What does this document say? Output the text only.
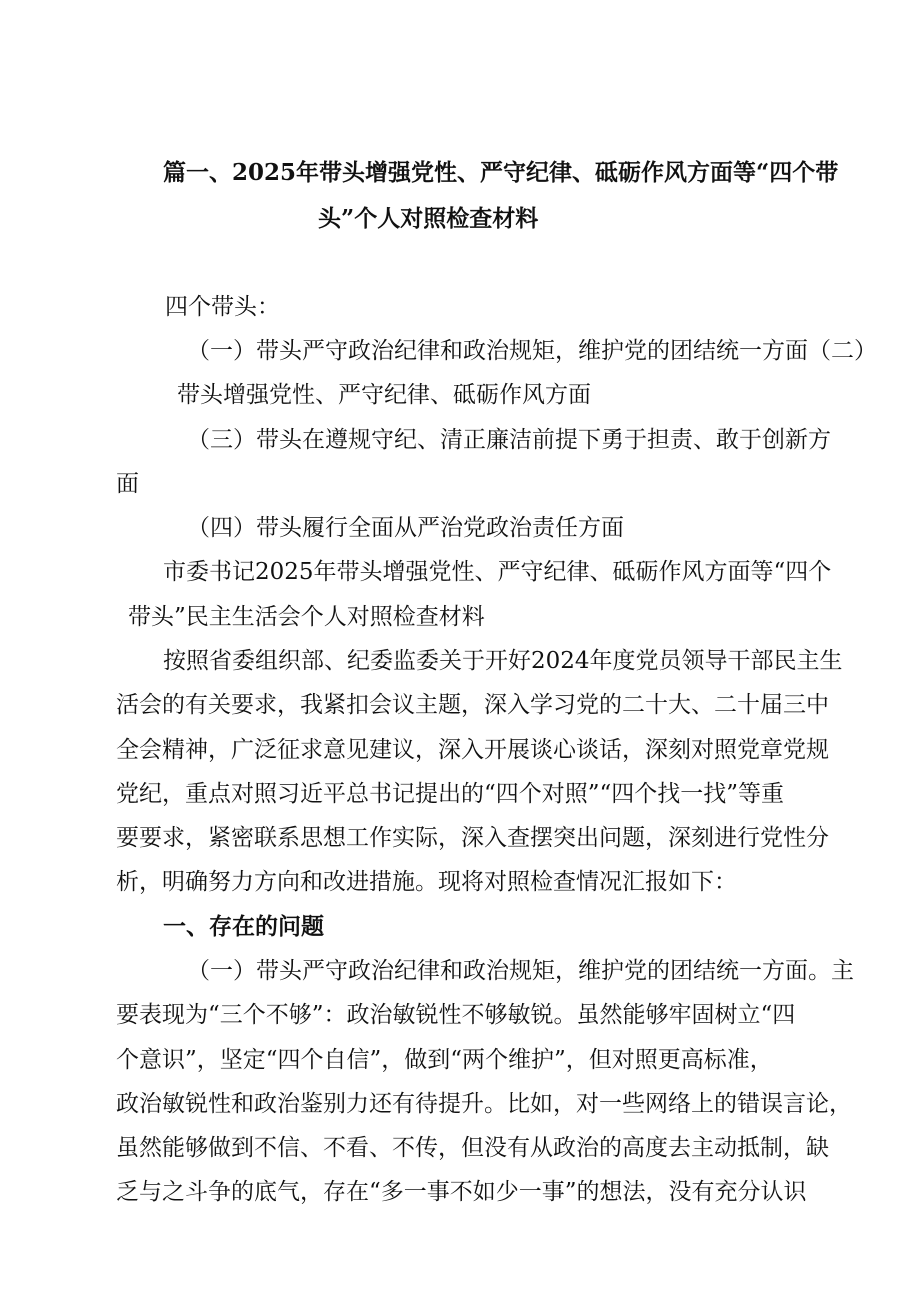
篇一、2025年带头增强党性、严守纪律、砥砺作风方面等“四个带
头”个人对照检查材料
四个带头：
（一）带头严守政治纪律和政治规矩，维护党的团结统一方面（二）
带头增强党性、严守纪律、砥砺作风方面
（三）带头在遵规守纪、清正廉洁前提下勇于担责、敢于创新方
面
（四）带头履行全面从严治党政治责任方面
市委书记2025年带头增强党性、严守纪律、砥砺作风方面等“四个
带头”民主生活会个人对照检查材料
按照省委组织部、纪委监委关于开好2024年度党员领导干部民主生
活会的有关要求，我紧扣会议主题，深入学习党的二十大、二十届三中
全会精神，广泛征求意见建议，深入开展谈心谈话，深刻对照党章党规
党纪，重点对照习近平总书记提出的“四个对照”“四个找一找”等重
要要求，紧密联系思想工作实际，深入查摆突出问题，深刻进行党性分
析，明确努力方向和改进措施。现将对照检查情况汇报如下：
一、存在的问题
（一）带头严守政治纪律和政治规矩，维护党的团结统一方面。主
要表现为“三个不够”：政治敏锐性不够敏锐。虽然能够牢固树立“四
个意识”，坚定“四个自信”，做到“两个维护”，但对照更高标准，
政治敏锐性和政治鉴别力还有待提升。比如，对一些网络上的错误言论，
虽然能够做到不信、不看、不传，但没有从政治的高度去主动抵制，缺
乏与之斗争的底气，存在“多一事不如少一事”的想法，没有充分认识
